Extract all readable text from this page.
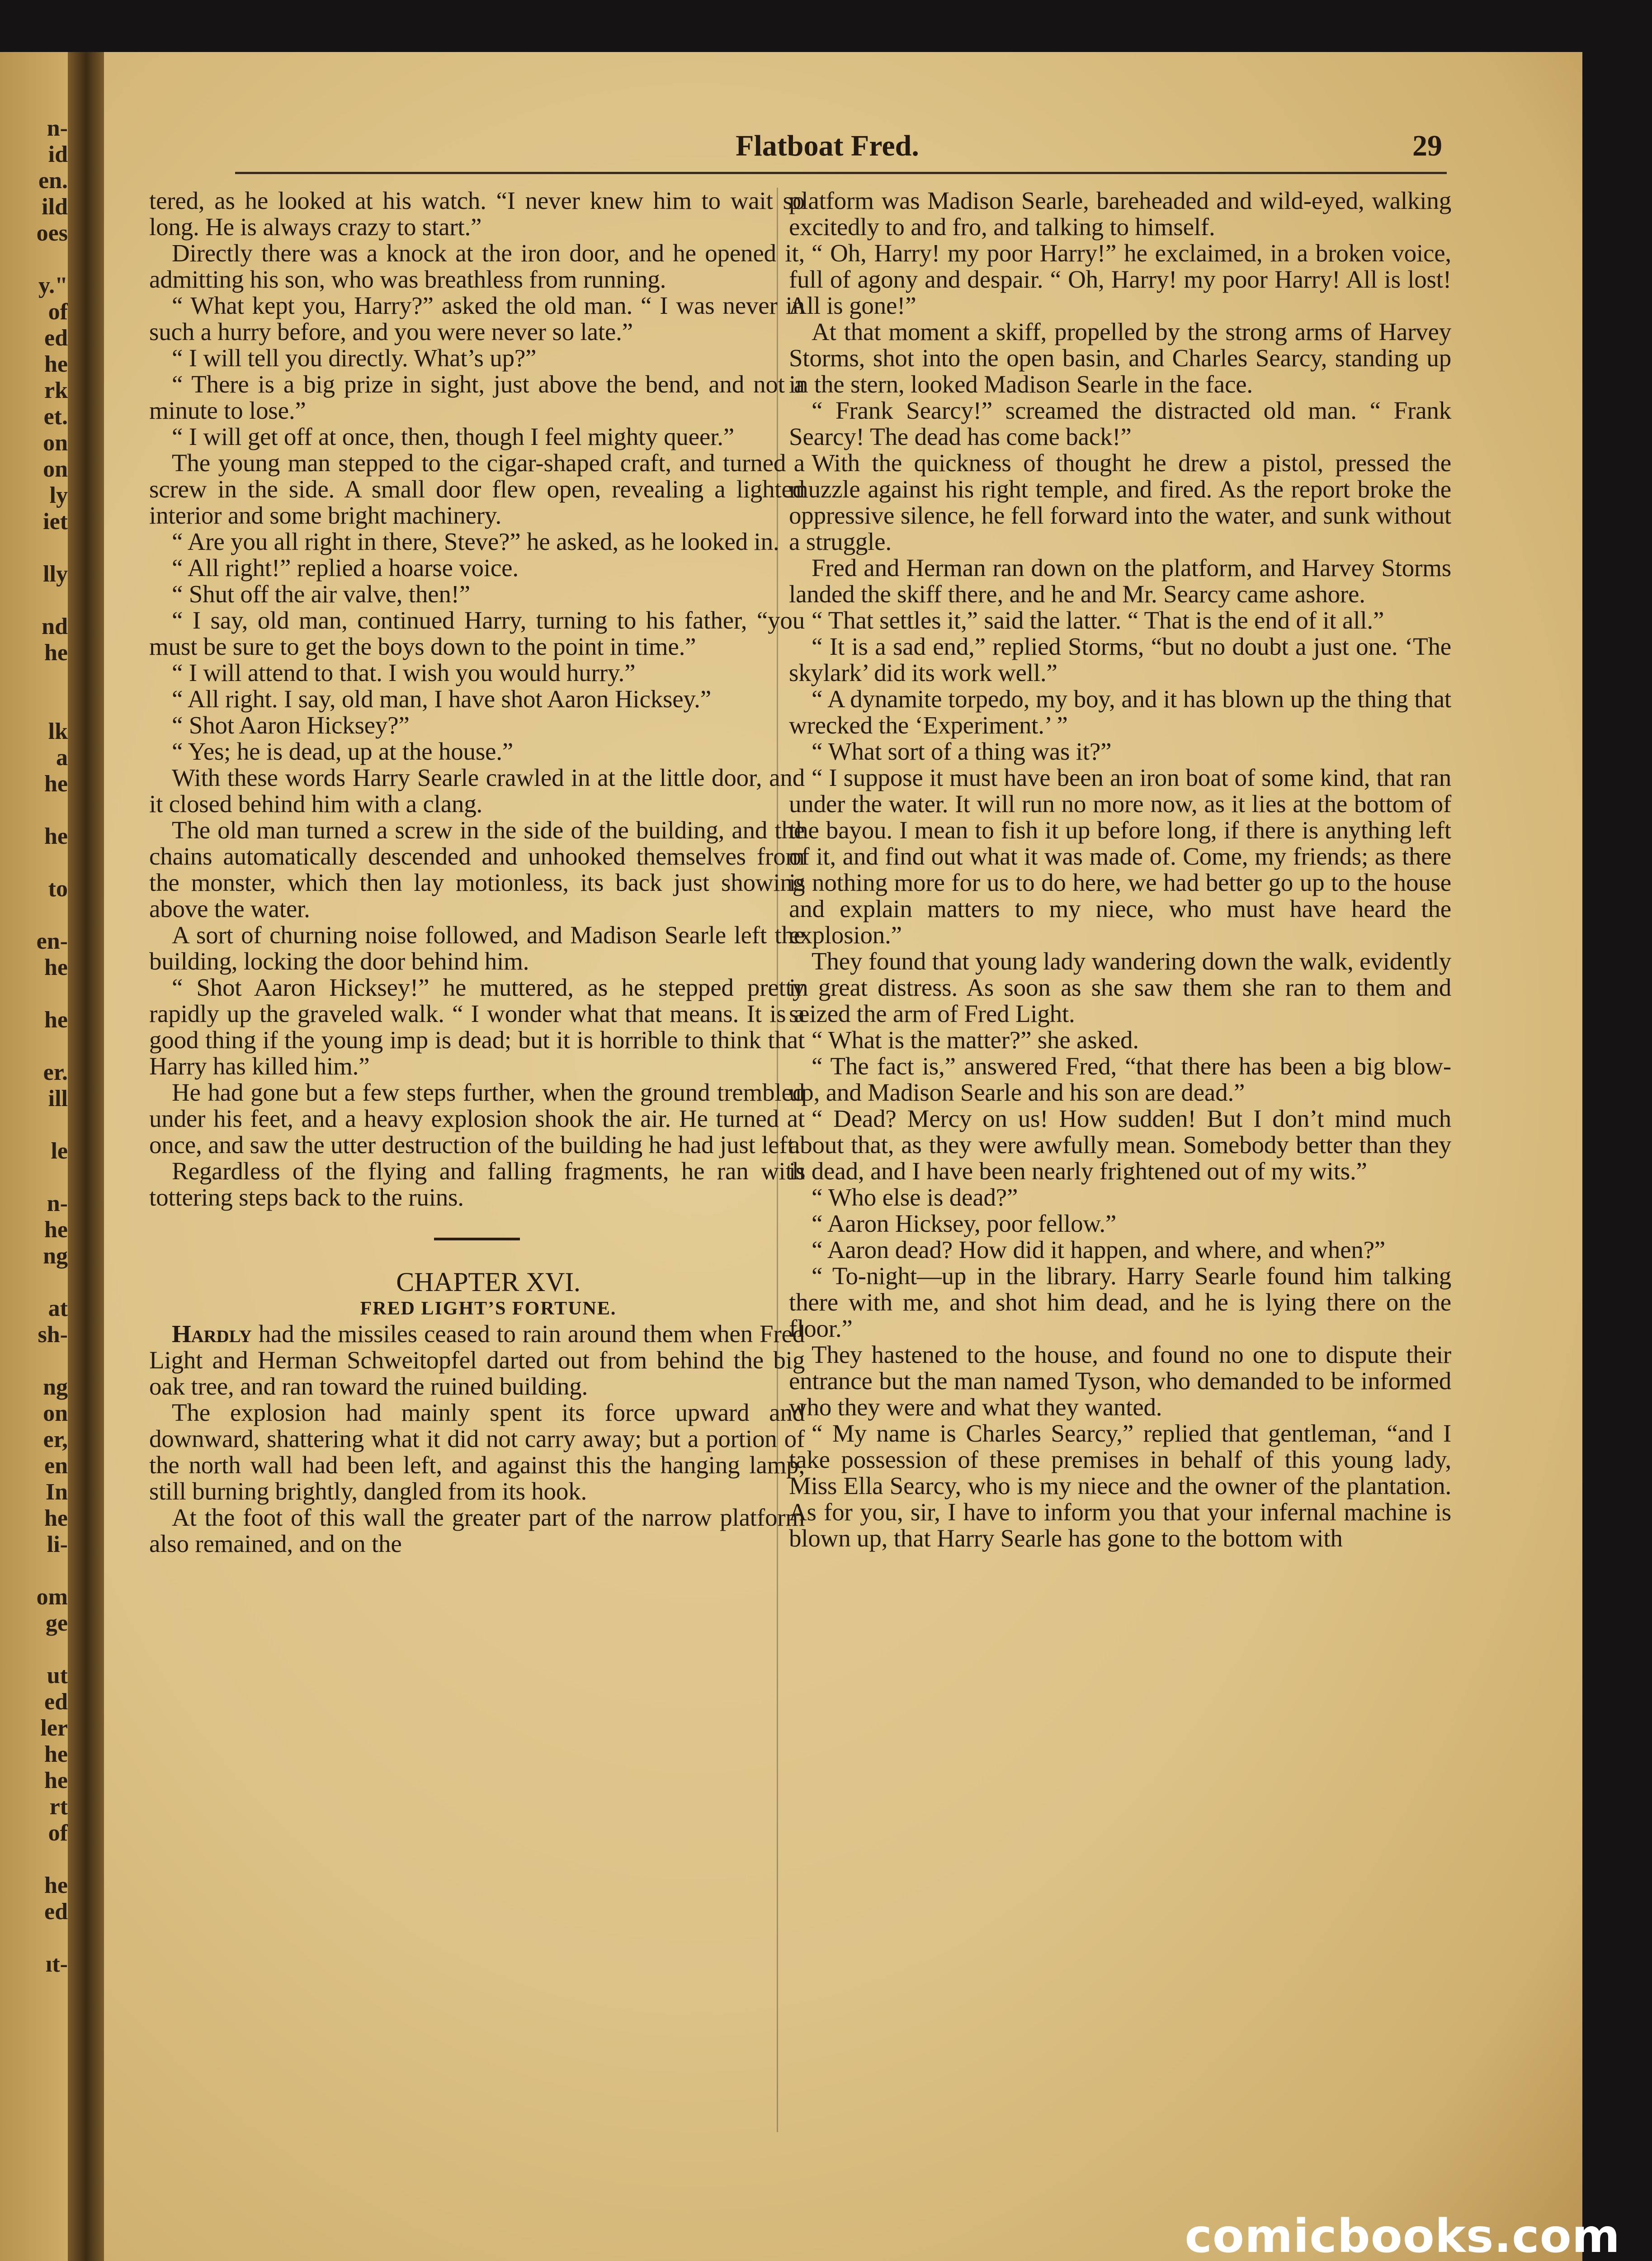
n-
id
en.
ild
oes
y."
of
ed
he
rk
et.
on
on
ly
iet
lly
nd
he
lk
a
he
he
to
en-
he
he
er.
ill
le
n-
he
ng
at
sh-
ng
on
er,
en
In
he
li-
om
ge
ut
ed
ler
he
he
rt
of
he
ed
ıt-
Flatboat Fred.	29

tered, as he looked at his watch. “I never knew him to wait so long. He is always crazy to start.”

Directly there was a knock at the iron door, and he opened it, admitting his son, who was breathless from running.

“ What kept you, Harry?” asked the old man. “ I was never in such a hurry before, and you were never so late.”

“ I will tell you directly. What’s up?”

“ There is a big prize in sight, just above the bend, and not a minute to lose.”

“ I will get off at once, then, though I feel mighty queer.”

The young man stepped to the cigar-shaped craft, and turned a screw in the side. A small door flew open, revealing a lighted interior and some bright machinery.

“ Are you all right in there, Steve?” he asked, as he looked in.

“ All right!” replied a hoarse voice.

“ Shut off the air valve, then!”

“ I say, old man, continued Harry, turning to his father, “you must be sure to get the boys down to the point in time.”

“ I will attend to that. I wish you would hurry.”

“ All right. I say, old man, I have shot Aaron Hicksey.”

“ Shot Aaron Hicksey?”

“ Yes; he is dead, up at the house.”

With these words Harry Searle crawled in at the little door, and it closed behind him with a clang.

The old man turned a screw in the side of the building, and the chains automatically descended and unhooked themselves from the monster, which then lay motionless, its back just showing above the water.

A sort of churning noise followed, and Madison Searle left the building, locking the door behind him.

“ Shot Aaron Hicksey!” he muttered, as he stepped pretty rapidly up the graveled walk. “ I wonder what that means. It is a good thing if the young imp is dead; but it is horrible to think that Harry has killed him.”

He had gone but a few steps further, when the ground trembled under his feet, and a heavy explosion shook the air. He turned at once, and saw the utter destruction of the building he had just left.

Regardless of the flying and falling fragments, he ran with tottering steps back to the ruins.

CHAPTER XVI.

FRED LIGHT’S FORTUNE.

Hardly had the missiles ceased to rain around them when Fred Light and Herman Schweitopfel darted out from behind the big oak tree, and ran toward the ruined building.

The explosion had mainly spent its force upward and downward, shattering what it did not carry away; but a portion of the north wall had been left, and against this the hanging lamp, still burning brightly, dangled from its hook.

At the foot of this wall the greater part of the narrow platform also remained, and on the

platform was Madison Searle, bareheaded and wild-eyed, walking excitedly to and fro, and talking to himself.

“ Oh, Harry! my poor Harry!” he exclaimed, in a broken voice, full of agony and despair. “ Oh, Harry! my poor Harry! All is lost! All is gone!”

At that moment a skiff, propelled by the strong arms of Harvey Storms, shot into the open basin, and Charles Searcy, standing up in the stern, looked Madison Searle in the face.

“ Frank Searcy!” screamed the distracted old man. “ Frank Searcy! The dead has come back!”

With the quickness of thought he drew a pistol, pressed the muzzle against his right temple, and fired. As the report broke the oppressive silence, he fell forward into the water, and sunk without a struggle.

Fred and Herman ran down on the platform, and Harvey Storms landed the skiff there, and he and Mr. Searcy came ashore.

“ That settles it,” said the latter. “ That is the end of it all.”

“ It is a sad end,” replied Storms, “but no doubt a just one. ‘The skylark’ did its work well.”

“ A dynamite torpedo, my boy, and it has blown up the thing that wrecked the ‘Experiment.’ ”

“ What sort of a thing was it?”

“ I suppose it must have been an iron boat of some kind, that ran under the water. It will run no more now, as it lies at the bottom of the bayou. I mean to fish it up before long, if there is anything left of it, and find out what it was made of. Come, my friends; as there is nothing more for us to do here, we had better go up to the house and explain matters to my niece, who must have heard the explosion.”

They found that young lady wandering down the walk, evidently in great distress. As soon as she saw them she ran to them and seized the arm of Fred Light.

“ What is the matter?” she asked.

“ The fact is,” answered Fred, “that there has been a big blow-up, and Madison Searle and his son are dead.”

“ Dead? Mercy on us! How sudden! But I don’t mind much about that, as they were awfully mean. Somebody better than they is dead, and I have been nearly frightened out of my wits.”

“ Who else is dead?”

“ Aaron Hicksey, poor fellow.”

“ Aaron dead? How did it happen, and where, and when?”

“ To-night—up in the library. Harry Searle found him talking there with me, and shot him dead, and he is lying there on the floor.”

They hastened to the house, and found no one to dispute their entrance but the man named Tyson, who demanded to be informed who they were and what they wanted.

“ My name is Charles Searcy,” replied that gentleman, “and I take possession of these premises in behalf of this young lady, Miss Ella Searcy, who is my niece and the owner of the plantation. As for you, sir, I have to inform you that your infernal machine is blown up, that Harry Searle has gone to the bottom with

comicbooks.com
